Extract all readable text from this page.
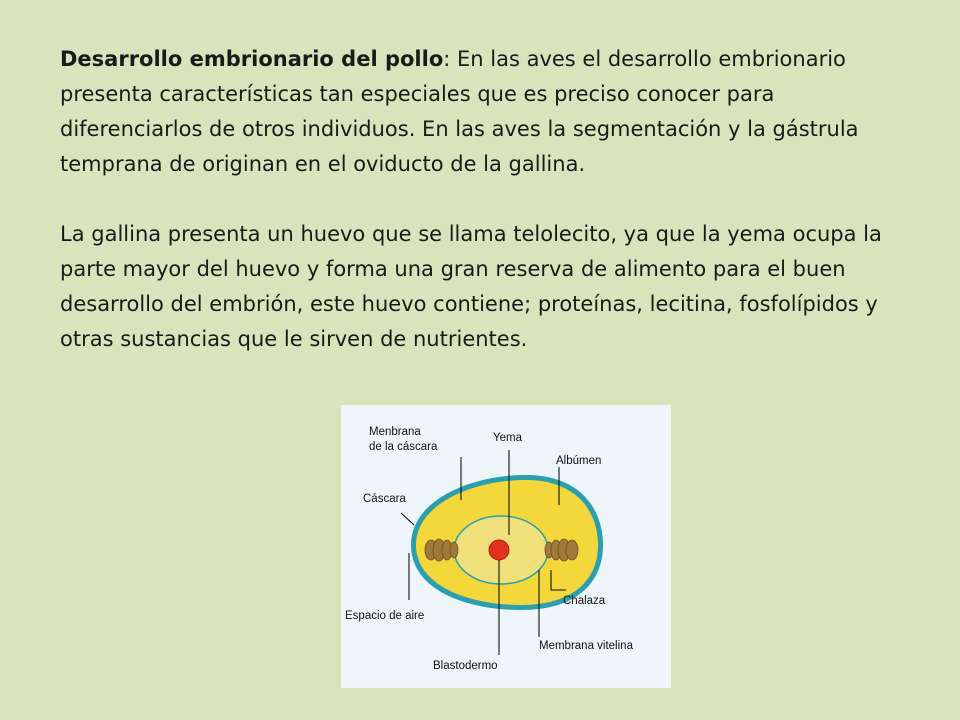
Desarrollo embrionario del pollo: En las aves el desarrollo embrionario presenta características tan especiales que es preciso conocer para diferenciarlos de otros individuos. En las aves la segmentación y la gástrula temprana de originan en el oviducto de la gallina.

La gallina presenta un huevo que se llama telolecito, ya que la yema ocupa la parte mayor del huevo y forma una gran reserva de alimento para el buen desarrollo del embrión, este huevo contiene; proteínas, lecitina, fosfolípidos y otras sustancias que le sirven de nutrientes.

Menbrana
de la cáscara
Yema
Albúmen
Cáscara
Chalaza
Espacio de aire
Membrana vitelina
Blastodermo
